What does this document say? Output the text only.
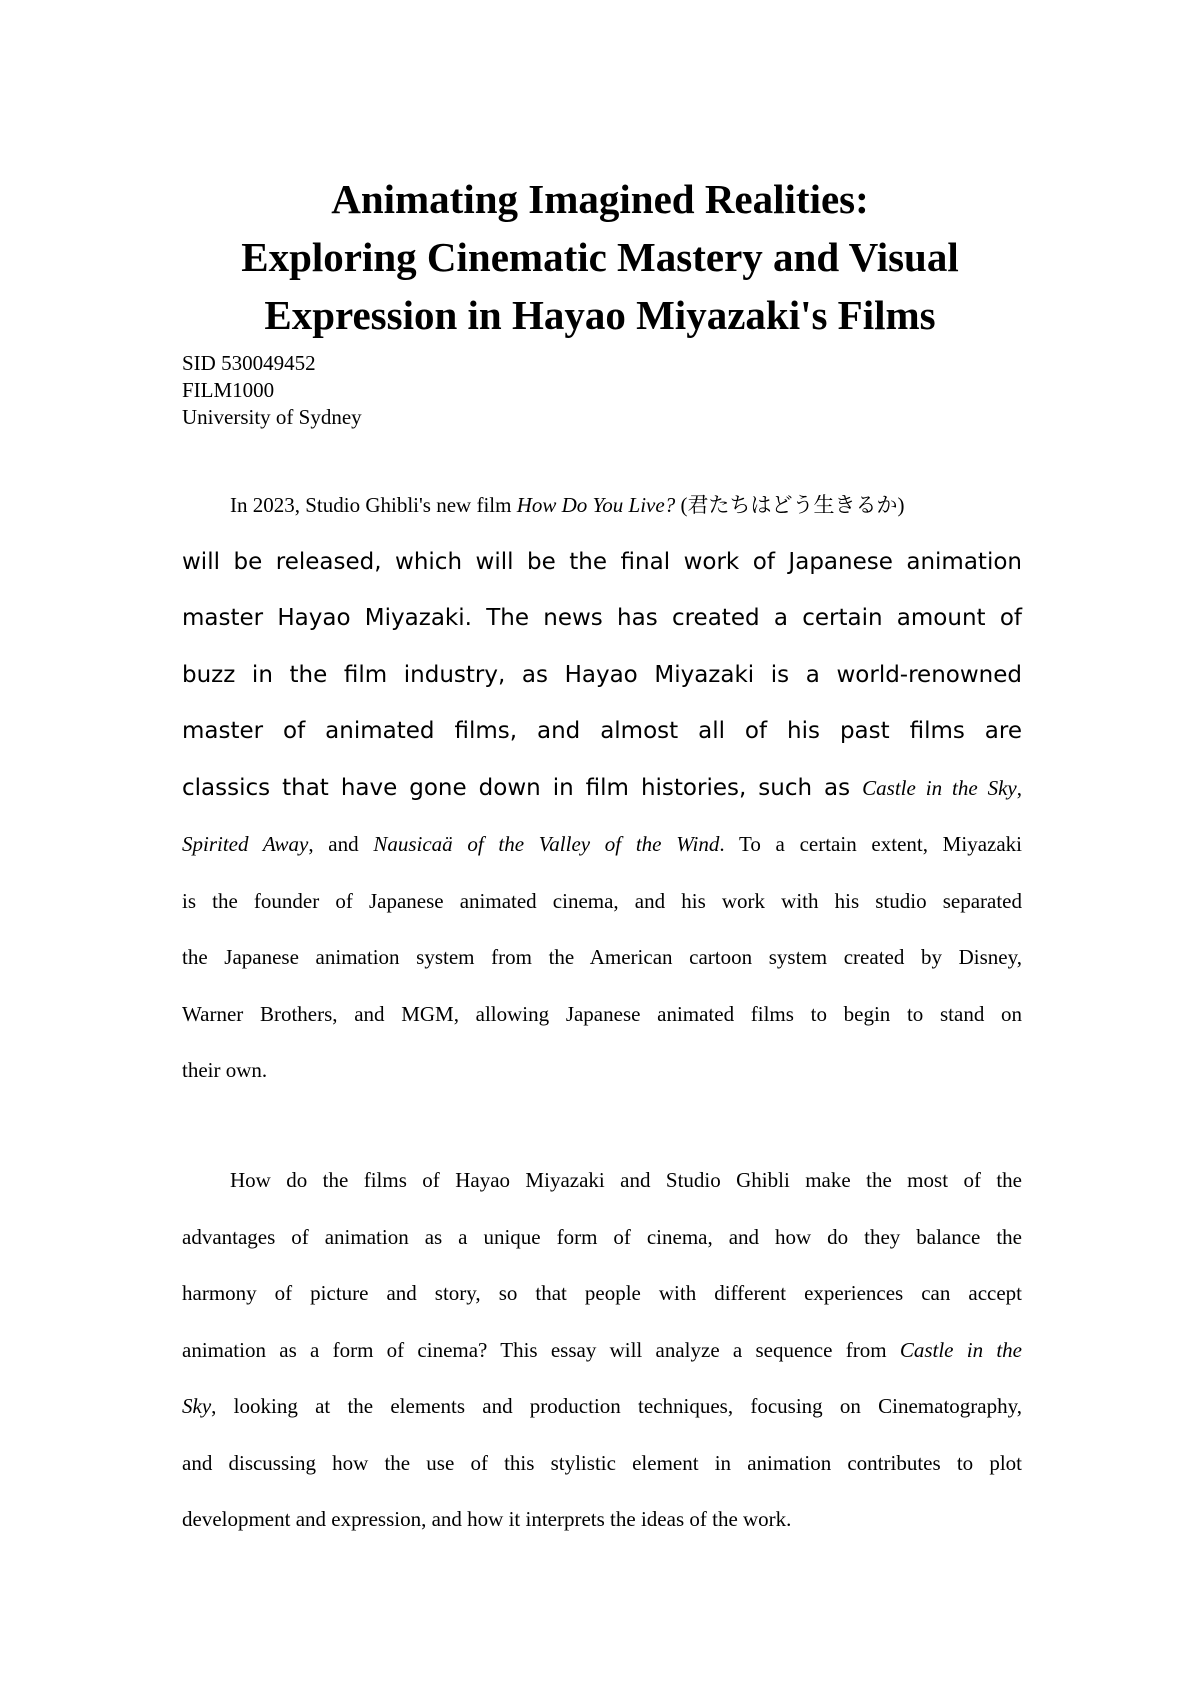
Animating Imagined Realities:
Exploring Cinematic Mastery and Visual
Expression in Hayao Miyazaki's Films
SID 530049452
FILM1000
University of Sydney
In 2023, Studio Ghibli's new film How Do You Live? (君たちはどう生きるか)
will be released, which will be the final work of Japanese animation
master Hayao Miyazaki. The news has created a certain amount of
buzz in the film industry, as Hayao Miyazaki is a world-renowned
master of animated films, and almost all of his past films are
classics that have gone down in film histories, such as Castle in the Sky,
Spirited Away, and Nausicaä of the Valley of the Wind. To a certain extent, Miyazaki
is the founder of Japanese animated cinema, and his work with his studio separated
the Japanese animation system from the American cartoon system created by Disney,
Warner Brothers, and MGM, allowing Japanese animated films to begin to stand on
their own.
How do the films of Hayao Miyazaki and Studio Ghibli make the most of the
advantages of animation as a unique form of cinema, and how do they balance the
harmony of picture and story, so that people with different experiences can accept
animation as a form of cinema? This essay will analyze a sequence from Castle in the
Sky, looking at the elements and production techniques, focusing on Cinematography,
and discussing how the use of this stylistic element in animation contributes to plot
development and expression, and how it interprets the ideas of the work.
